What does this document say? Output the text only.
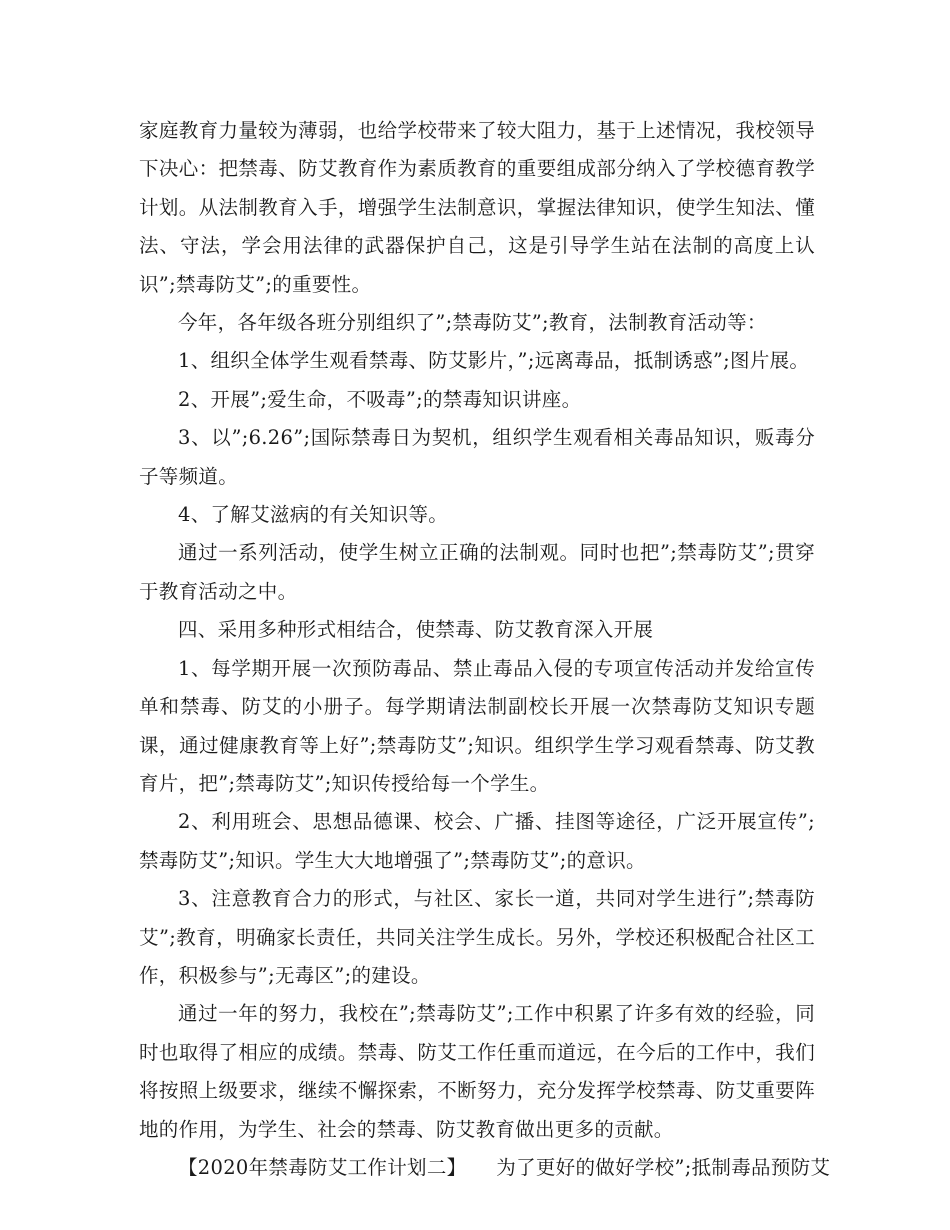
家庭教育力量较为薄弱，也给学校带来了较大阻力，基于上述情况，我校领导下决心：把禁毒、防艾教育作为素质教育的重要组成部分纳入了学校德育教学计划。从法制教育入手，增强学生法制意识，掌握法律知识，使学生知法、懂法、守法，学会用法律的武器保护自己，这是引导学生站在法制的高度上认识”;禁毒防艾”;的重要性。

今年，各年级各班分别组织了”;禁毒防艾”;教育，法制教育活动等：

1、组织全体学生观看禁毒、防艾影片，”;远离毒品，抵制诱惑”;图片展。

2、开展”;爱生命，不吸毒”;的禁毒知识讲座。

3、以”;6.26”;国际禁毒日为契机，组织学生观看相关毒品知识，贩毒分子等频道。

4、了解艾滋病的有关知识等。

通过一系列活动，使学生树立正确的法制观。同时也把”;禁毒防艾”;贯穿于教育活动之中。

四、采用多种形式相结合，使禁毒、防艾教育深入开展

1、每学期开展一次预防毒品、禁止毒品入侵的专项宣传活动并发给宣传单和禁毒、防艾的小册子。每学期请法制副校长开展一次禁毒防艾知识专题课，通过健康教育等上好”;禁毒防艾”;知识。组织学生学习观看禁毒、防艾教育片，把”;禁毒防艾”;知识传授给每一个学生。

2、利用班会、思想品德课、校会、广播、挂图等途径，广泛开展宣传”;禁毒防艾”;知识。学生大大地增强了”;禁毒防艾”;的意识。

3、注意教育合力的形式，与社区、家长一道，共同对学生进行”;禁毒防艾”;教育，明确家长责任，共同关注学生成长。另外，学校还积极配合社区工作，积极参与”;无毒区”;的建设。

通过一年的努力，我校在”;禁毒防艾”;工作中积累了许多有效的经验，同时也取得了相应的成绩。禁毒、防艾工作任重而道远，在今后的工作中，我们将按照上级要求，继续不懈探索，不断努力，充分发挥学校禁毒、防艾重要阵地的作用，为学生、社会的禁毒、防艾教育做出更多的贡献。

【2020年禁毒防艾工作计划二】　　为了更好的做好学校”;抵制毒品预防艾
